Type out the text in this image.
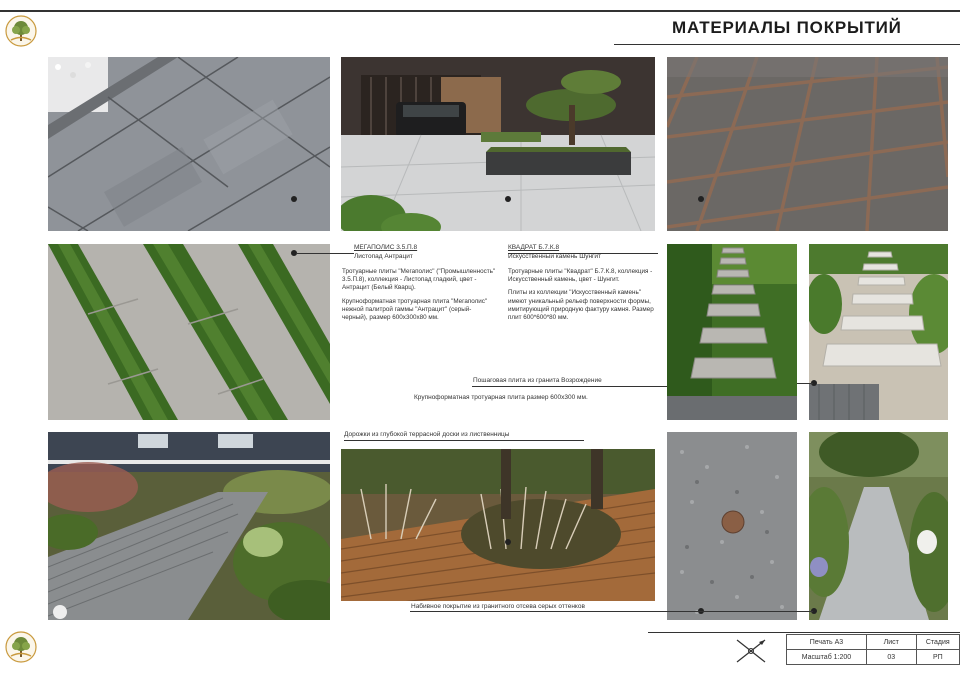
МАТЕРИАЛЫ ПОКРЫТИЙ
МЕГАПОЛИС 3.5.П.8
Листопад Антрацит

Тротуарные плиты "Мегаполис" ("Промышленность" 3.5.П.8), коллекция - Листопад гладкий, цвет - Антрацит (Белый Кварц).

Крупноформатная тротуарная плита "Мегаполис" нежной палитрой гаммы "Антрацит" (серый-черный), размер 600х300х80 мм.

КВАДРАТ Б.7.К.8
Искусственный камень Шунгит

Тротуарные плиты "Квадрат" Б.7.К.8, коллекция - Искусственный камень, цвет - Шунгит.

Плиты из коллекции "Искусственный камень" имеют уникальный рельеф поверхности формы, имитирующий природную фактуру камня. Размер плит 600*600*80 мм.

Пошаговая плита из гранита Возрождение
Крупноформатная тротуарная плита размер 600х300 мм.
Дорожки из глубокой террасной доски из лиственницы
Набивное покрытие из гранитного отсева серых оттенков
Печать А3	Лист	Стадия
Масштаб 1:200	03	РП
